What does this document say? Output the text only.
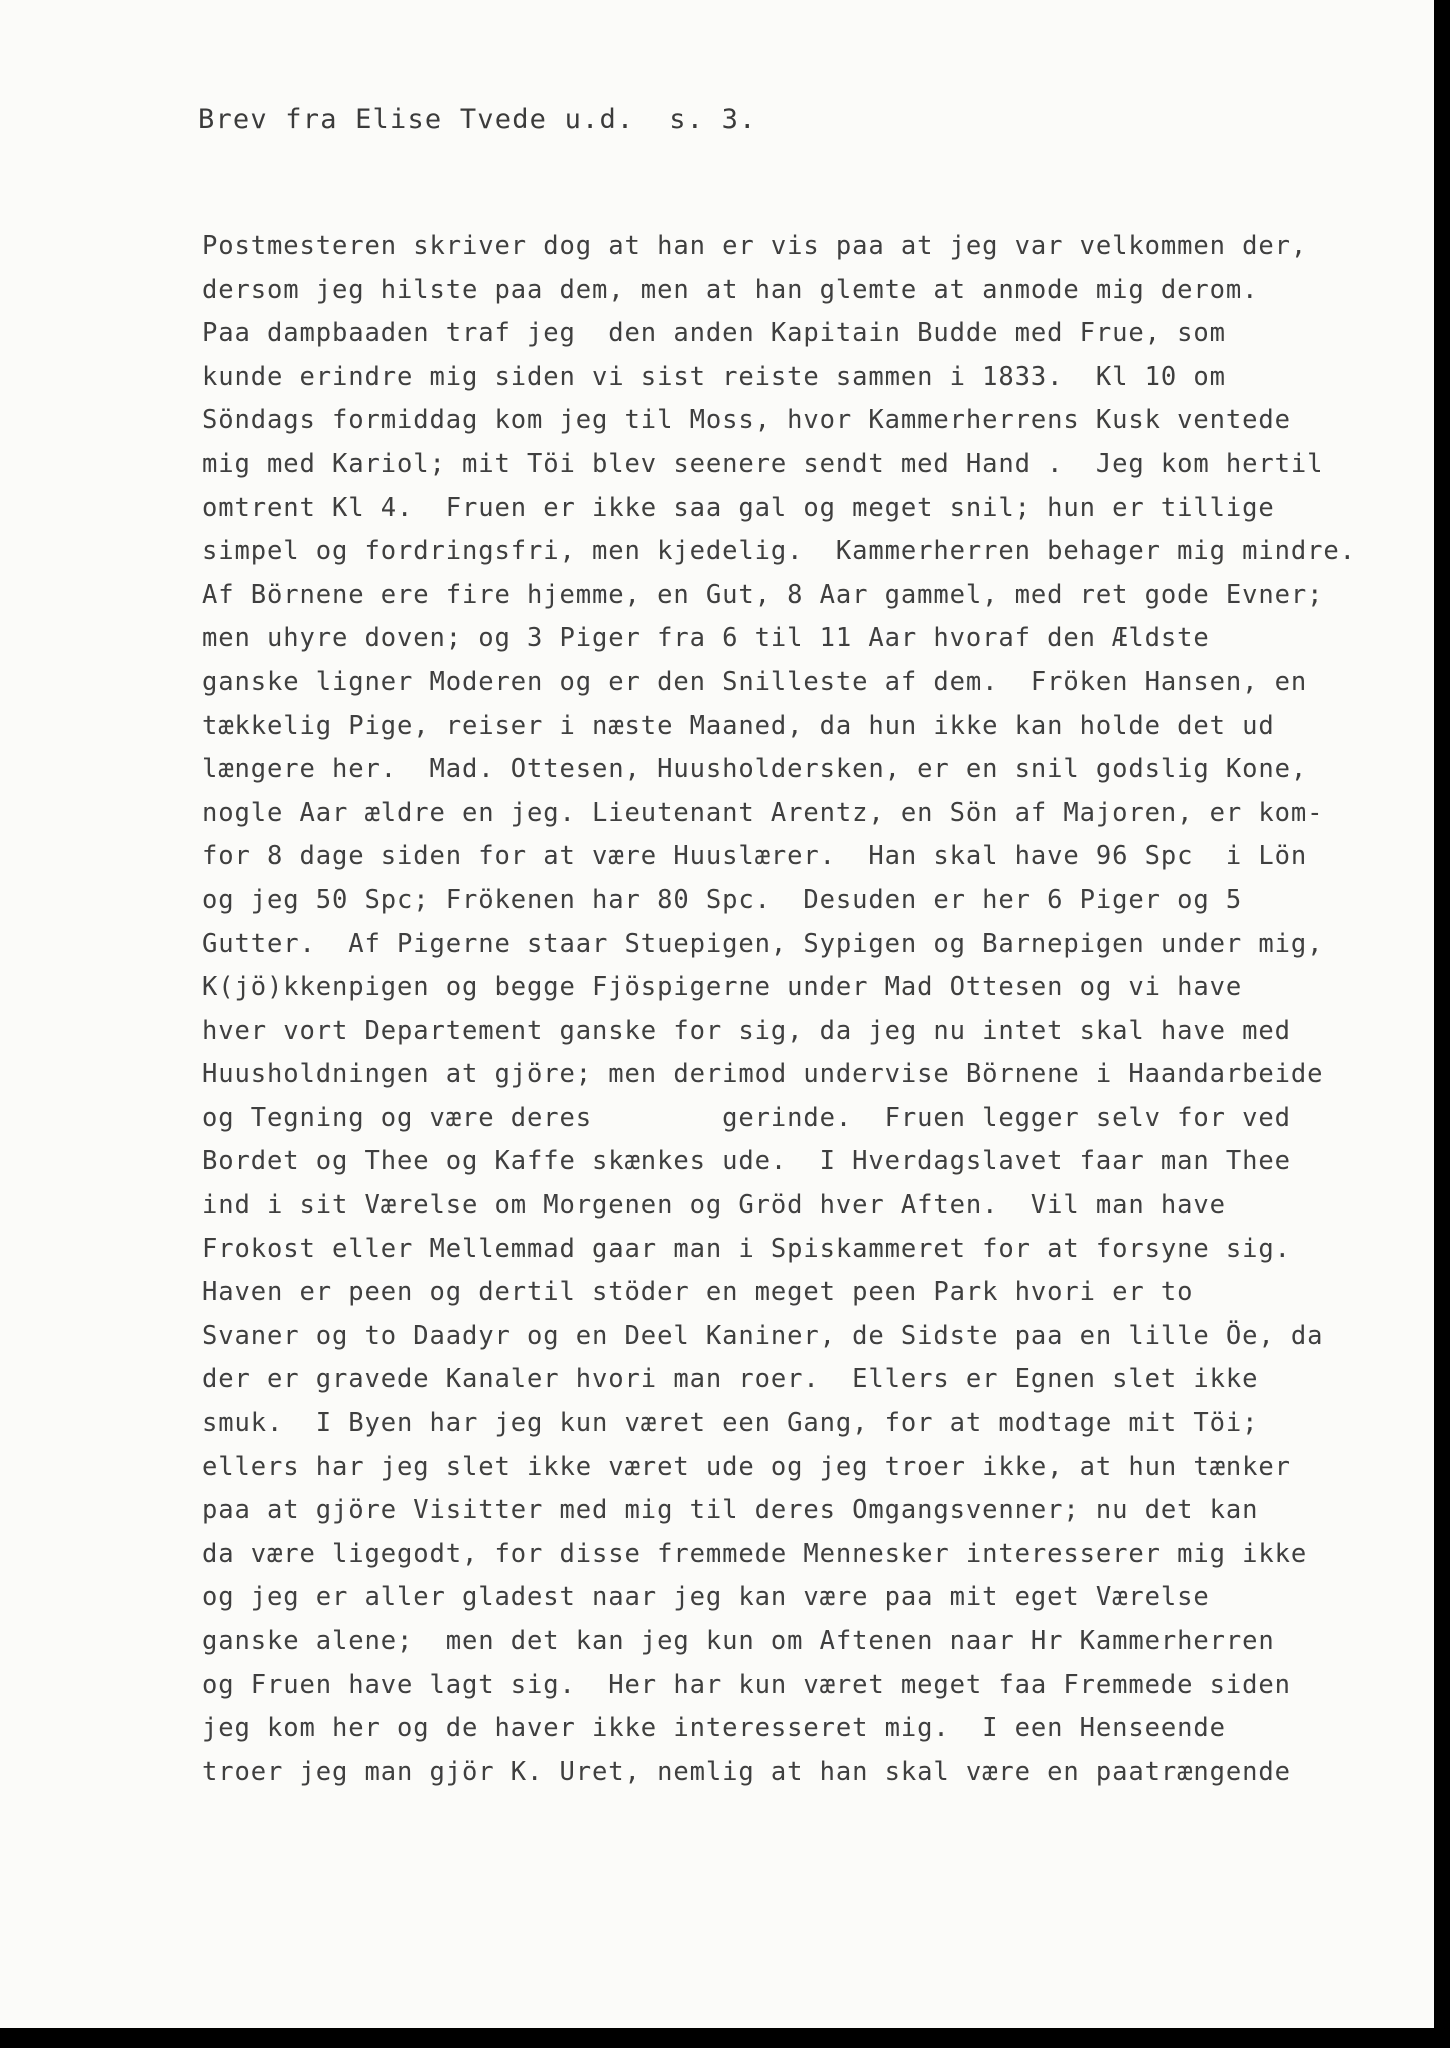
Brev fra Elise Tvede u.d.  s. 3.
Postmesteren skriver dog at han er vis paa at jeg var velkommen der,
dersom jeg hilste paa dem, men at han glemte at anmode mig derom.
Paa dampbaaden traf jeg  den anden Kapitain Budde med Frue, som
kunde erindre mig siden vi sist reiste sammen i 1833.  Kl 10 om
Söndags formiddag kom jeg til Moss, hvor Kammerherrens Kusk ventede
mig med Kariol; mit Töi blev seenere sendt med Hand .  Jeg kom hertil
omtrent Kl 4.  Fruen er ikke saa gal og meget snil; hun er tillige
simpel og fordringsfri, men kjedelig.  Kammerherren behager mig mindre.
Af Börnene ere fire hjemme, en Gut, 8 Aar gammel, med ret gode Evner;
men uhyre doven; og 3 Piger fra 6 til 11 Aar hvoraf den Ældste
ganske ligner Moderen og er den Snilleste af dem.  Fröken Hansen, en
tækkelig Pige, reiser i næste Maaned, da hun ikke kan holde det ud
længere her.  Mad. Ottesen, Huusholdersken, er en snil godslig Kone,
nogle Aar ældre en jeg. Lieutenant Arentz, en Sön af Majoren, er kom-
for 8 dage siden for at være Huuslærer.  Han skal have 96 Spc  i Lön
og jeg 50 Spc; Frökenen har 80 Spc.  Desuden er her 6 Piger og 5
Gutter.  Af Pigerne staar Stuepigen, Sypigen og Barnepigen under mig,
K(jö)kkenpigen og begge Fjöspigerne under Mad Ottesen og vi have
hver vort Departement ganske for sig, da jeg nu intet skal have med
Huusholdningen at gjöre; men derimod undervise Börnene i Haandarbeide
og Tegning og være deres        gerinde.  Fruen legger selv for ved
Bordet og Thee og Kaffe skænkes ude.  I Hverdagslavet faar man Thee
ind i sit Værelse om Morgenen og Gröd hver Aften.  Vil man have
Frokost eller Mellemmad gaar man i Spiskammeret for at forsyne sig.
Haven er peen og dertil stöder en meget peen Park hvori er to
Svaner og to Daadyr og en Deel Kaniner, de Sidste paa en lille Öe, da
der er gravede Kanaler hvori man roer.  Ellers er Egnen slet ikke
smuk.  I Byen har jeg kun været een Gang, for at modtage mit Töi;
ellers har jeg slet ikke været ude og jeg troer ikke, at hun tænker
paa at gjöre Visitter med mig til deres Omgangsvenner; nu det kan
da være ligegodt, for disse fremmede Mennesker interesserer mig ikke
og jeg er aller gladest naar jeg kan være paa mit eget Værelse
ganske alene;  men det kan jeg kun om Aftenen naar Hr Kammerherren
og Fruen have lagt sig.  Her har kun været meget faa Fremmede siden
jeg kom her og de haver ikke interesseret mig.  I een Henseende
troer jeg man gjör K. Uret, nemlig at han skal være en paatrængende
